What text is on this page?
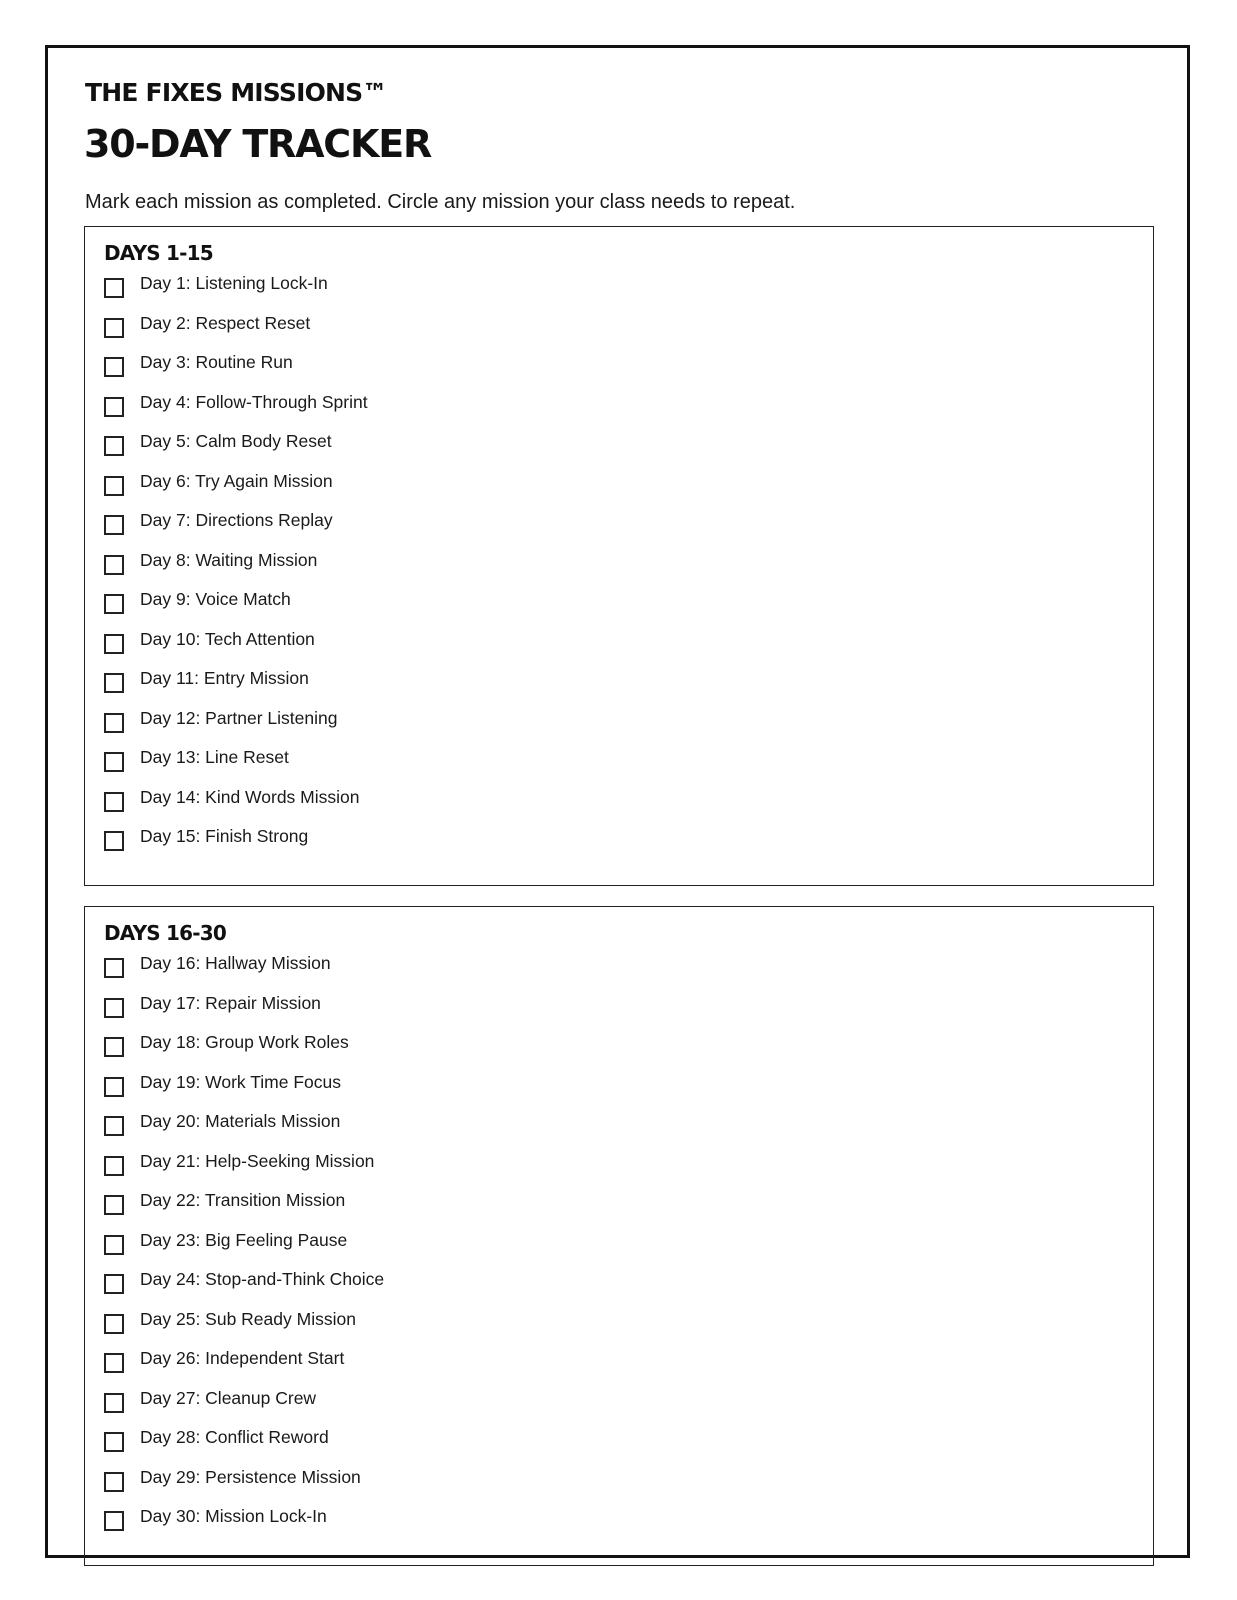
THE FIXES MISSIONS™
30-DAY TRACKER

Mark each mission as completed. Circle any mission your class needs to repeat.

DAYS 1-15
Day 1: Listening Lock-In
Day 2: Respect Reset
Day 3: Routine Run
Day 4: Follow-Through Sprint
Day 5: Calm Body Reset
Day 6: Try Again Mission
Day 7: Directions Replay
Day 8: Waiting Mission
Day 9: Voice Match
Day 10: Tech Attention
Day 11: Entry Mission
Day 12: Partner Listening
Day 13: Line Reset
Day 14: Kind Words Mission
Day 15: Finish Strong
DAYS 16-30
Day 16: Hallway Mission
Day 17: Repair Mission
Day 18: Group Work Roles
Day 19: Work Time Focus
Day 20: Materials Mission
Day 21: Help-Seeking Mission
Day 22: Transition Mission
Day 23: Big Feeling Pause
Day 24: Stop-and-Think Choice
Day 25: Sub Ready Mission
Day 26: Independent Start
Day 27: Cleanup Crew
Day 28: Conflict Reword
Day 29: Persistence Mission
Day 30: Mission Lock-In
